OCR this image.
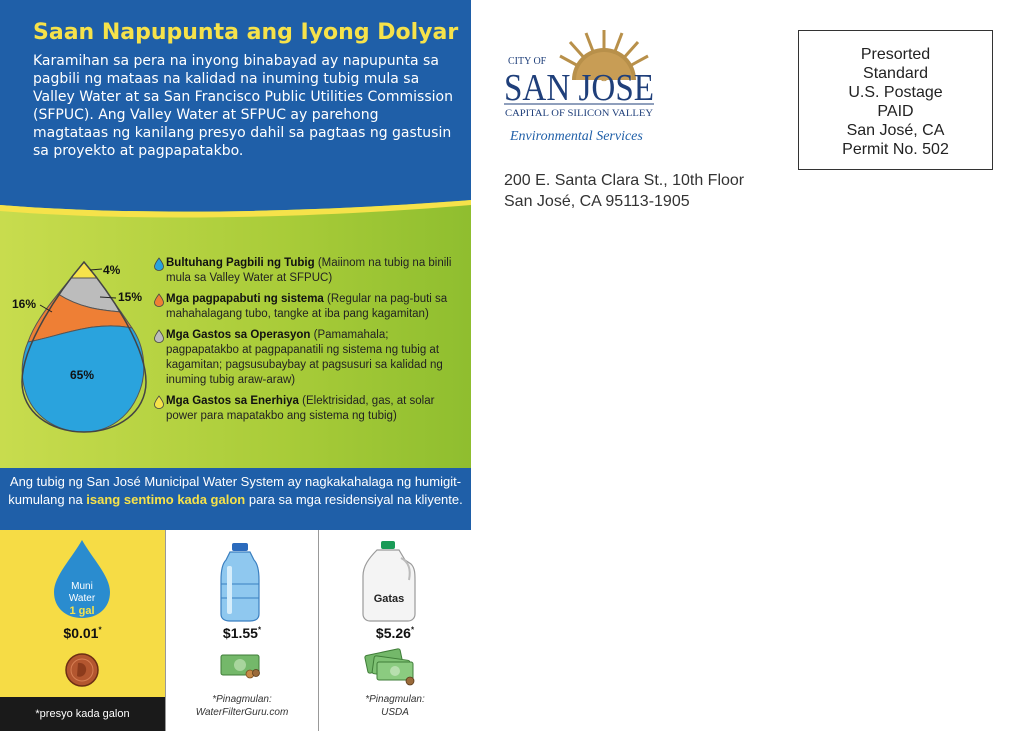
Saan Napupunta ang Iyong Dolyar

Karamihan sa pera na inyong binabayad ay napupunta sa pagbili ng mataas na kalidad na inuming tubig mula sa Valley Water at sa San Francisco Public Utilities Commission (SFPUC). Ang Valley Water at SFPUC ay parehong magtataas ng kanilang presyo dahil sa pagtaas ng gastusin sa proyekto at pagpapatakbo.

4%
15%
16%
65%
Bultuhang Pagbili ng Tubig (Maiinom na tubig na binili mula sa Valley Water at SFPUC)
Mga pagpapabuti ng sistema (Regular na pag-buti sa mahahalagang tubo, tangke at iba pang kagamitan)
Mga Gastos sa Operasyon (Pamamahala; pagpapatakbo at pagpapanatili ng sistema ng tubig at kagamitan; pagsusubaybay at pagsusuri sa kalidad ng inuming tubig araw-araw)
Mga Gastos sa Enerhiya (Elektrisidad, gas, at solar power para mapatakbo ang sistema ng tubig)
Ang tubig ng San José Municipal Water System ay nagkakahalaga ng humigit-kumulang na isang sentimo kada galon para sa mga residensiyal na kliyente.
Muni
Water
1 gal
$0.01*
*presyo kada galon
$1.55*
*Pinagmulan:
WaterFilterGuru.com
Gatas
$5.26*
*Pinagmulan:
USDA
CITY OF
SAN JOSE
CAPITAL OF SILICON VALLEY
Environmental Services
200 E. Santa Clara St., 10th Floor
San José, CA 95113-1905
Presorted
Standard
U.S. Postage
PAID
San José, CA
Permit No. 502
